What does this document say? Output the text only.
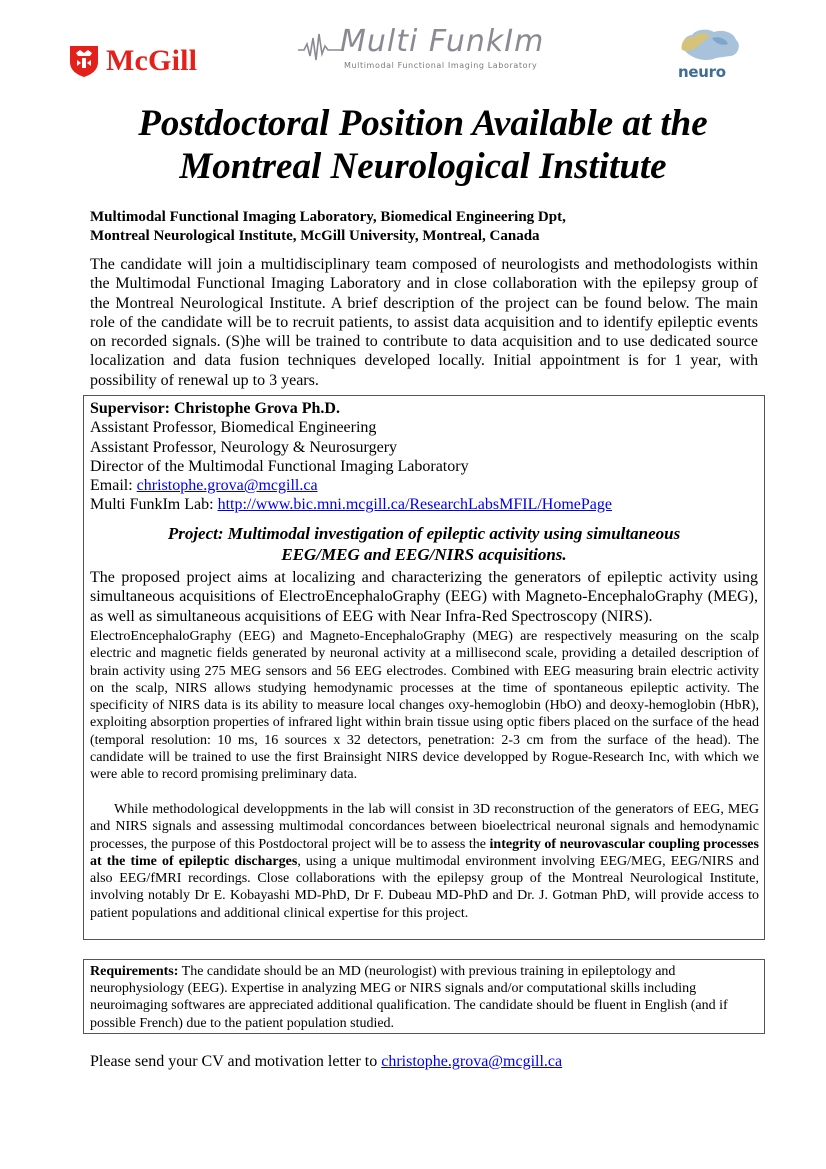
McGill
Multi FunkIm
Multimodal Functional Imaging Laboratory	neuro
Postdoctoral Position Available at the
Montreal Neurological Institute
Multimodal Functional Imaging Laboratory, Biomedical Engineering Dpt,
Montreal Neurological Institute, McGill University, Montreal, Canada
The candidate will join a multidisciplinary team composed of neurologists and methodologists within the Multimodal Functional Imaging Laboratory and in close collaboration with the epilepsy group of the Montreal Neurological Institute. A brief description of the project can be found below. The main role of the candidate will be to recruit patients, to assist data acquisition and to identify epileptic events on recorded signals. (S)he will be trained to contribute to data acquisition and to use dedicated source localization and data fusion techniques developed locally. Initial appointment is for 1 year, with possibility of renewal up to 3 years.
Supervisor: Christophe Grova Ph.D.
Assistant Professor, Biomedical Engineering
Assistant Professor, Neurology & Neurosurgery
Director of the Multimodal Functional Imaging Laboratory
Email: christophe.grova@mcgill.ca
Multi FunkIm Lab: http://www.bic.mni.mcgill.ca/ResearchLabsMFIL/HomePage
Project: Multimodal investigation of epileptic activity using simultaneous
EEG/MEG and EEG/NIRS acquisitions.
The proposed project aims at localizing and characterizing the generators of epileptic activity using simultaneous acquisitions of ElectroEncephaloGraphy (EEG) with Magneto-EncephaloGraphy (MEG), as well as simultaneous acquisitions of EEG with Near Infra-Red Spectroscopy (NIRS).
ElectroEncephaloGraphy (EEG) and Magneto-EncephaloGraphy (MEG) are respectively measuring on the scalp electric and magnetic fields generated by neuronal activity at a millisecond scale, providing a detailed description of brain activity using 275 MEG sensors and 56 EEG electrodes. Combined with EEG measuring brain electric activity on the scalp, NIRS allows studying hemodynamic processes at the time of spontaneous epileptic activity. The specificity of NIRS data is its ability to measure local changes oxy-hemoglobin (HbO) and deoxy-hemoglobin (HbR), exploiting absorption properties of infrared light within brain tissue using optic fibers placed on the surface of the head (temporal resolution: 10 ms, 16 sources x 32 detectors, penetration: 2-3 cm from the surface of the head). The candidate will be trained to use the first Brainsight NIRS device developped by Rogue-Research Inc, with which we were able to record promising preliminary data.
While methodological developpments in the lab will consist in 3D reconstruction of the generators of EEG, MEG and NIRS signals and assessing multimodal concordances between bioelectrical neuronal signals and hemodynamic processes, the purpose of this Postdoctoral project will be to assess the integrity of neurovascular coupling processes at the time of epileptic discharges, using a unique multimodal environment involving EEG/MEG, EEG/NIRS and also EEG/fMRI recordings. Close collaborations with the epilepsy group of the Montreal Neurological Institute, involving notably Dr E. Kobayashi MD-PhD, Dr F. Dubeau MD-PhD and Dr. J. Gotman PhD, will provide access to patient populations and additional clinical expertise for this project.
Requirements: The candidate should be an MD (neurologist) with previous training in epileptology and neurophysiology (EEG). Expertise in analyzing MEG or NIRS signals and/or computational skills including neuroimaging softwares are appreciated additional qualification. The candidate should be fluent in English (and if possible French) due to the patient population studied.
Please send your CV and motivation letter to christophe.grova@mcgill.ca
